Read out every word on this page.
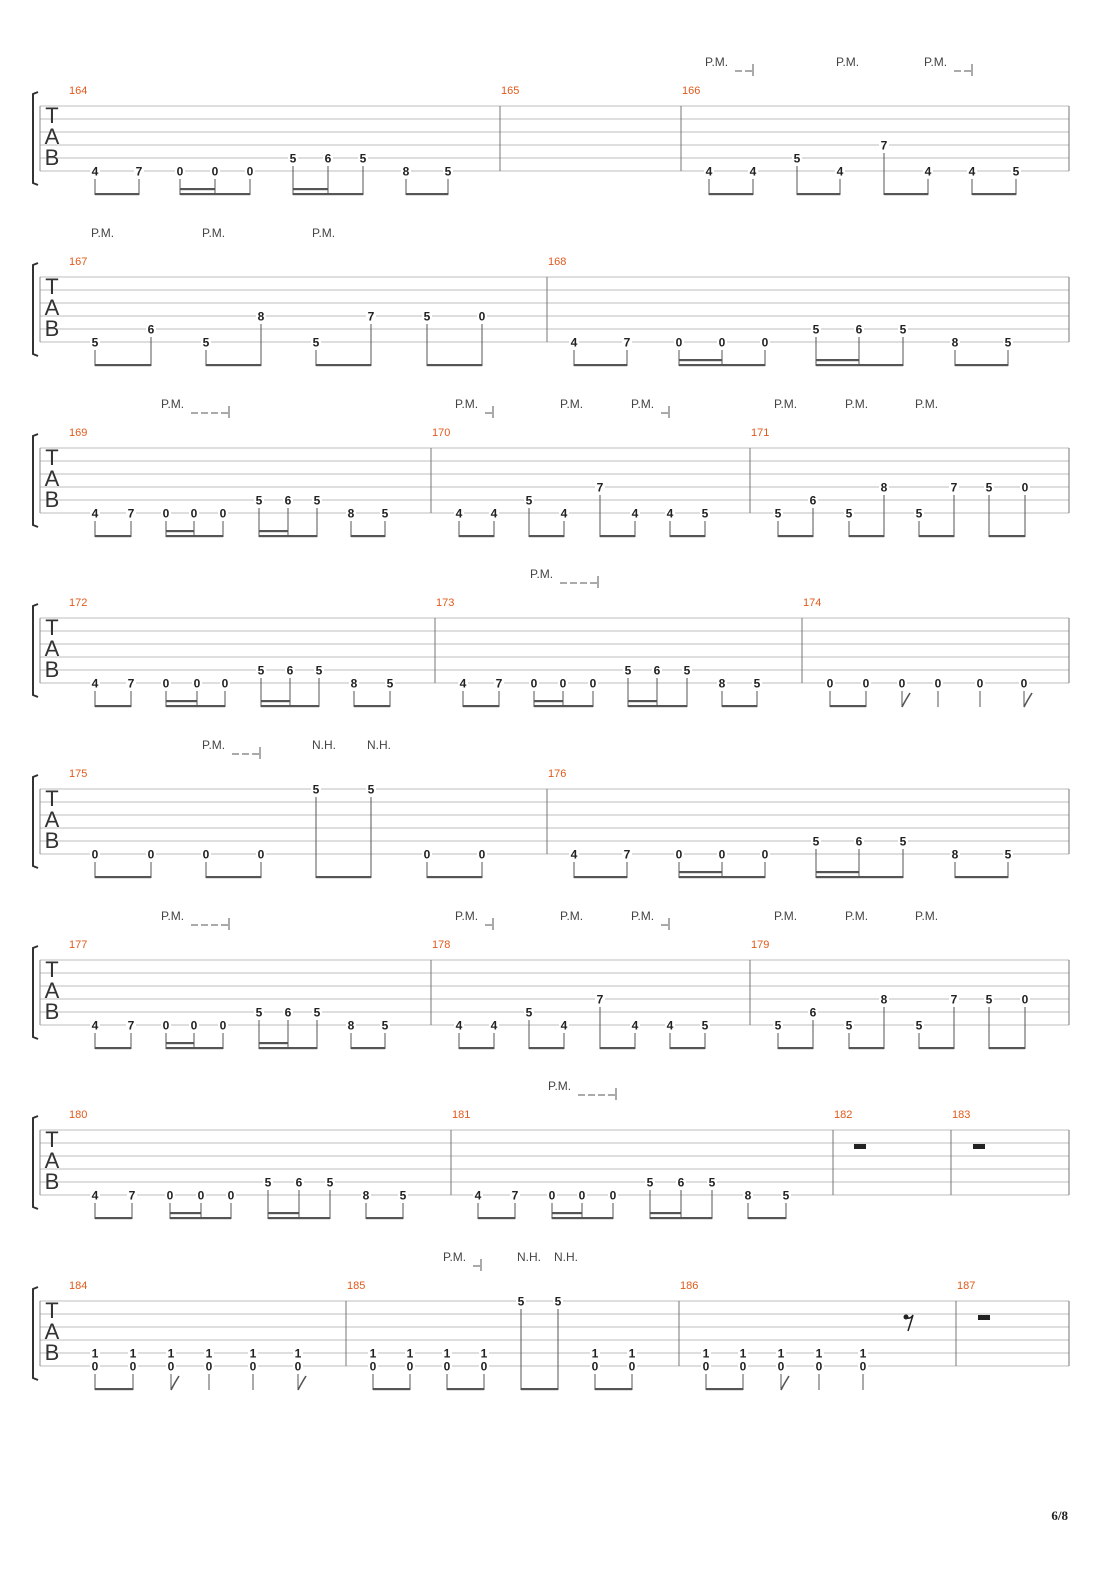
T
A
B
P.M.	P.M.	P.M.
164
4	7	0 0 0
5 6 5
8	5
165	166
4	4
5
4
7
4	4	5
T
A
B
P.M.	P.M.	P.M.
167
5
6
5
8
5
7	5	0
168
4	7	0	0	0
5	6	5
8	5
T
A
B
P.M.	P.M.	P.M.	P.M.	P.M.	P.M.	P.M.
169
4 7 0 0 0
5 6 5
8 5
170
4 4
5
4
7
4 4 5
171
5
6
5
8
5
7 5 0
T
A
B
P.M.
172
4 7 0 0 0
5 6 5
8 5
173
4 7 0 0 0
5 6 5
8 5
174
0 0 0 0	0	0
T
A
B
P.M.	N.H.	N.H.
175
0	0	0	0
5	5
0	0
176
4	7	0	0	0
5	6	5
8	5
T
A
B
P.M.	P.M.	P.M.	P.M.	P.M.	P.M.	P.M.
177
4 7 0 0 0
5 6 5
8 5
178
4 4
5
4
7
4 4 5
179
5
6
5
8
5
7 5 0
T
A
B
P.M.
180
4	7	0 0 0
5 6 5
8	5
181
4	7	0 0 0
5 6 5
8	5
182	183
T
A
B
P.M.	N.H. N.H.
184
0
1
0
1
0
1
0
1
0
1
0
1
185
0
1
0
1
0
1
0
1
5	5
0
1
0
1
186
0
1
0
1
0
1
0
1
0
1
187
6/8
